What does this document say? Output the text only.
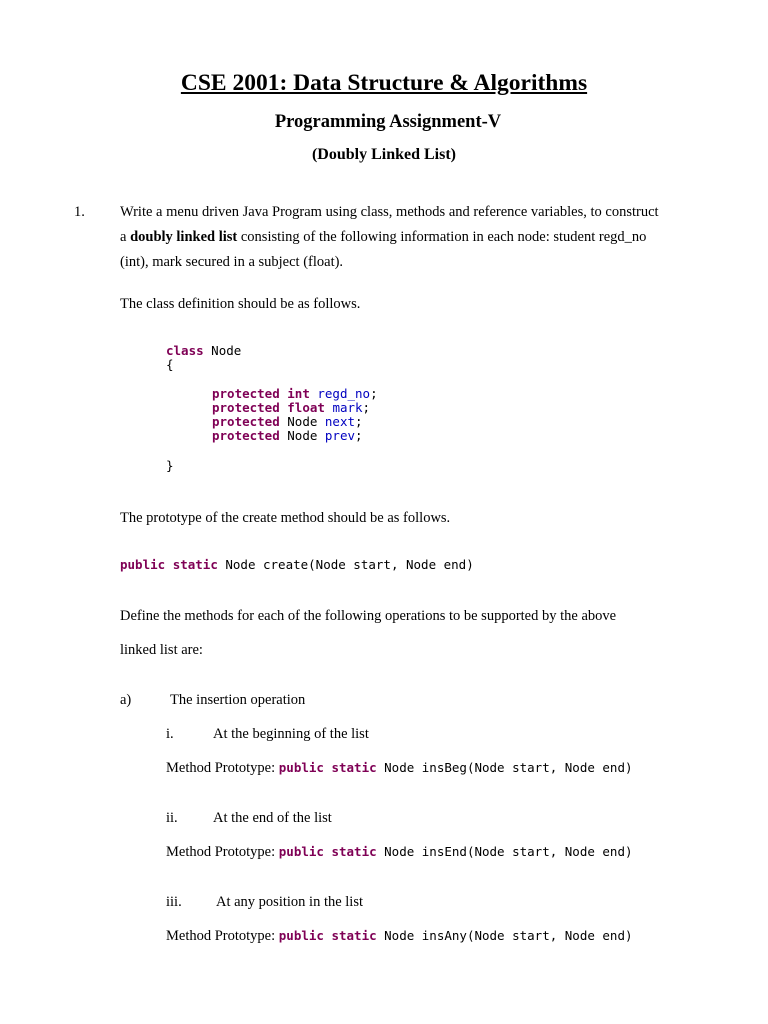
CSE 2001: Data Structure & Algorithms
Programming Assignment-V
(Doubly Linked List)
1. Write a menu driven Java Program using class, methods and reference variables, to construct
a doubly linked list consisting of the following information in each node: student regd_no
(int), mark secured in a subject (float).
The class definition should be as follows.
class Node
{
protected int regd_no;
protected float mark;
protected Node next;
protected Node prev;
}
The prototype of the create method should be as follows.
public static Node create(Node start, Node end)
Define the methods for each of the following operations to be supported by the above
linked list are:
a)	The insertion operation
i.	At the beginning of the list
Method Prototype: public static Node insBeg(Node start, Node end)
ii. At the end of the list
Method Prototype: public static Node insEnd(Node start, Node end)
iii. At any position in the list
Method Prototype: public static Node insAny(Node start, Node end)
